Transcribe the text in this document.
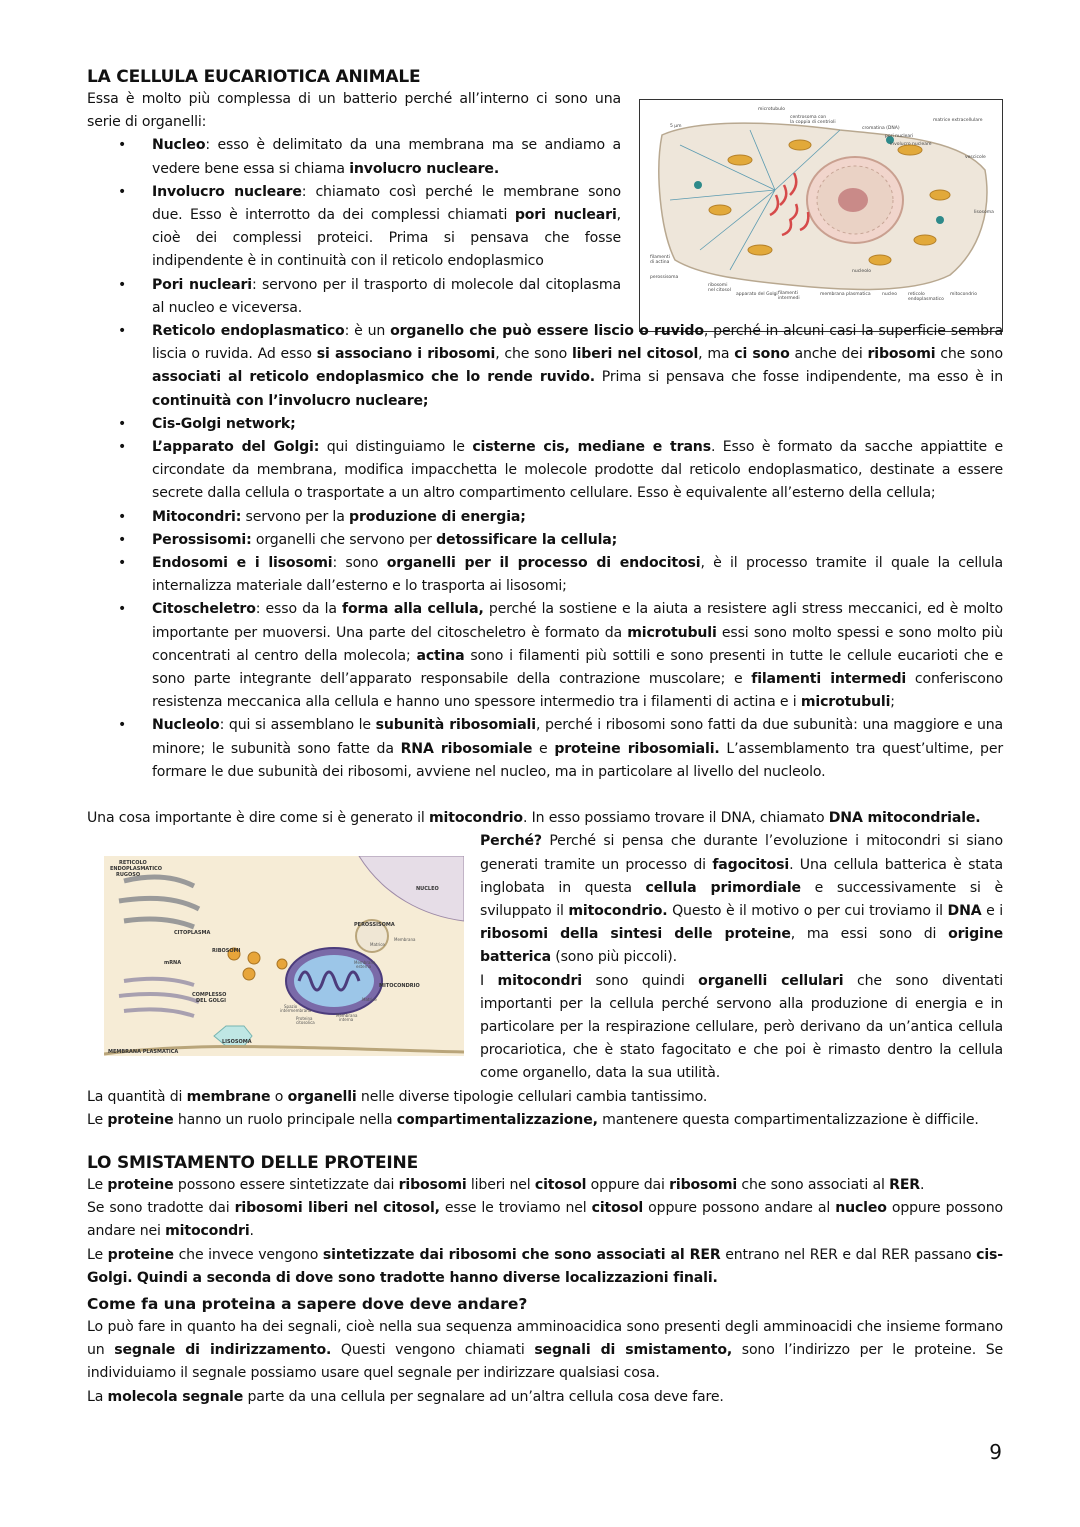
microtubulo
centrosoma con
la coppia di centrioli
cromatina (DNA)
matrice extracellulare
pori nucleari
involucro nucleare
vescicole
lisosoma
filamenti
di actina
perossisoma
ribosomi
nel citosol
apparato del Golgi filamenti
intermedi
membrana plasmatica	nucleo reticolo
endoplasmatico
mitocondrio
nucleolo
5 µm
RETICOLO
ENDOPLASMATICO
RUGOSO
NUCLEO
CITOPLASMA
RIBOSOMI
mRNA
PEROSSISOMA
COMPLESSO
DEL GOLGI
MITOCONDRIO
LISOSOMA
MEMBRANA PLASMATICA
Membrana
Matrice
Spazio
intermembrana
Membrana
esterna
Matrice
Membrana
interna
Proteina
citosolica
LA CELLULA EUCARIOTICA ANIMALE

Essa è molto più complessa di un batterio perché all’interno ci sono una serie di organelli:

• Nucleo: esso è delimitato da una membrana ma se andiamo a vedere bene essa si chiama involucro nucleare.
• Involucro nucleare: chiamato così perché le membrane sono due. Esso è interrotto da dei complessi chiamati pori nucleari, cioè dei complessi proteici. Prima si pensava che fosse indipendente è in continuità con il reticolo endoplasmico
• Pori nucleari: servono per il trasporto di molecole dal citoplasma al nucleo e viceversa.
• Reticolo endoplasmatico: è un organello che può essere liscio o ruvido, perché in alcuni casi la superficie sembra liscia o ruvida. Ad esso si associano i ribosomi, che sono liberi nel citosol, ma ci sono anche dei ribosomi che sono associati al reticolo endoplasmico che lo rende ruvido. Prima si pensava che fosse indipendente, ma esso è in continuità con l’involucro nucleare;
• Cis-Golgi network;
• L’apparato del Golgi: qui distinguiamo le cisterne cis, mediane e trans. Esso è formato da sacche appiattite e circondate da membrana, modifica impacchetta le molecole prodotte dal reticolo endoplasmatico, destinate a essere secrete dalla cellula o trasportate a un altro compartimento cellulare. Esso è equivalente all’esterno della cellula;
• Mitocondri: servono per la produzione di energia;
• Perossisomi: organelli che servono per detossificare la cellula;
• Endosomi e i lisosomi: sono organelli per il processo di endocitosi, è il processo tramite il quale la cellula internalizza materiale dall’esterno e lo trasporta ai lisosomi;
• Citoscheletro: esso da la forma alla cellula, perché la sostiene e la aiuta a resistere agli stress meccanici, ed è molto importante per muoversi. Una parte del citoscheletro è formato da microtubuli essi sono molto spessi e sono molto più concentrati al centro della molecola; actina sono i filamenti più sottili e sono presenti in tutte le cellule eucarioti che e sono parte integrante dell’apparato responsabile della contrazione muscolare; e filamenti intermedi conferiscono resistenza meccanica alla cellula e hanno uno spessore intermedio tra i filamenti di actina e i microtubuli;
• Nucleolo: qui si assemblano le subunità ribosomiali, perché i ribosomi sono fatti da due subunità: una maggiore e una minore; le subunità sono fatte da RNA ribosomiale e proteine ribosomiali. L’assemblamento tra quest’ultime, per formare le due subunità dei ribosomi, avviene nel nucleo, ma in particolare al livello del nucleolo.

Una cosa importante è dire come si è generato il mitocondrio. In esso possiamo trovare il DNA, chiamato DNA mitocondriale.

Perché? Perché si pensa che durante l’evoluzione i mitocondri si siano generati tramite un processo di fagocitosi. Una cellula batterica è stata inglobata in questa cellula primordiale e successivamente si è sviluppato il mitocondrio. Questo è il motivo o per cui troviamo il DNA e i ribosomi della sintesi delle proteine, ma essi sono di origine batterica (sono più piccoli).

I mitocondri sono quindi organelli cellulari che sono diventati importanti per la cellula perché servono alla produzione di energia e in particolare per la respirazione cellulare, però derivano da un’antica cellula procariotica, che è stato fagocitato e che poi è rimasto dentro la cellula come organello, data la sua utilità.

La quantità di membrane o organelli nelle diverse tipologie cellulari cambia tantissimo.

Le proteine hanno un ruolo principale nella compartimentalizzazione, mantenere questa compartimentalizzazione è difficile.

LO SMISTAMENTO DELLE PROTEINE

Le proteine possono essere sintetizzate dai ribosomi liberi nel citosol oppure dai ribosomi che sono associati al RER.

Se sono tradotte dai ribosomi liberi nel citosol, esse le troviamo nel citosol oppure possono andare al nucleo oppure possono andare nei mitocondri.

Le proteine che invece vengono sintetizzate dai ribosomi che sono associati al RER entrano nel RER e dal RER passano cis-Golgi. Quindi a seconda di dove sono tradotte hanno diverse localizzazioni finali.

Come fa una proteina a sapere dove deve andare?

Lo può fare in quanto ha dei segnali, cioè nella sua sequenza amminoacidica sono presenti degli amminoacidi che insieme formano un segnale di indirizzamento. Questi vengono chiamati segnali di smistamento, sono l’indirizzo per le proteine. Se individuiamo il segnale possiamo usare quel segnale per indirizzare qualsiasi cosa.

La molecola segnale parte da una cellula per segnalare ad un’altra cellula cosa deve fare.

9
